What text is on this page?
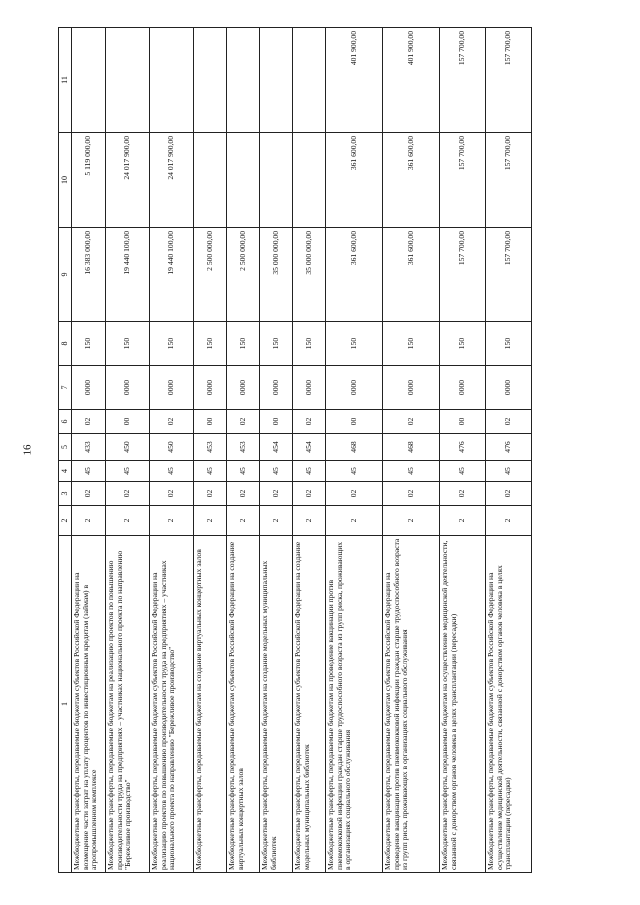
16
1	2	3	4	5	6	7	8	9	10	11
Межбюджетные трансферты, передаваемые бюджетам субъектов Российской Федерации на возмещение части затрат на уплату процентов по инвестиционным кредитам (займам) в агропромышленном комплексе	2	02	45	433	02	0000	150	16 383 000,00	5 119 000,00	
Межбюджетные трансферты, передаваемые бюджетам на реализацию проектов по повышению производительности труда на предприятиях – участниках национального проекта по направлению "Бережливое производство"	2	02	45	450	00	0000	150	19 440 100,00	24 017 900,00	
Межбюджетные трансферты, передаваемые бюджетам субъектов Российской Федерации на реализацию проектов по повышению производительности труда на предприятиях – участниках национального проекта по направлению "Бережливое производство"	2	02	45	450	02	0000	150	19 440 100,00	24 017 900,00	
Межбюджетные трансферты, передаваемые бюджетам на создание виртуальных концертных залов	2	02	45	453	00	0000	150	2 500 000,00		
Межбюджетные трансферты, передаваемые бюджетам субъектов Российской Федерации на создание виртуальных концертных залов	2	02	45	453	02	0000	150	2 500 000,00		
Межбюджетные трансферты, передаваемые бюджетам на создание модельных муниципальных библиотек	2	02	45	454	00	0000	150	35 000 000,00		
Межбюджетные трансферты, передаваемые бюджетам субъектов Российской Федерации на создание модельных муниципальных библиотек	2	02	45	454	02	0000	150	35 000 000,00		
Межбюджетные трансферты, передаваемые бюджетам на проведение вакцинации против пневмококковой инфекции граждан старше трудоспособного возраста из групп риска, проживающих в организациях социального обслуживания	2	02	45	468	00	0000	150	361 600,00	361 600,00	401 900,00
Межбюджетные трансферты, передаваемые бюджетам субъектов Российской Федерации на проведение вакцинации против пневмококковой инфекции граждан старше трудоспособного возраста из групп риска, проживающих в организациях социального обслуживания	2	02	45	468	02	0000	150	361 600,00	361 600,00	401 900,00
Межбюджетные трансферты, передаваемые бюджетам на осуществление медицинской деятельности, связанной с донорством органов человека в целях трансплантации (пересадки)	2	02	45	476	00	0000	150	157 700,00	157 700,00	157 700,00
Межбюджетные трансферты, передаваемые бюджетам субъектов Российской Федерации на осуществление медицинской деятельности, связанной с донорством органов человека в целях трансплантации (пересадки)	2	02	45	476	02	0000	150	157 700,00	157 700,00	157 700,00
